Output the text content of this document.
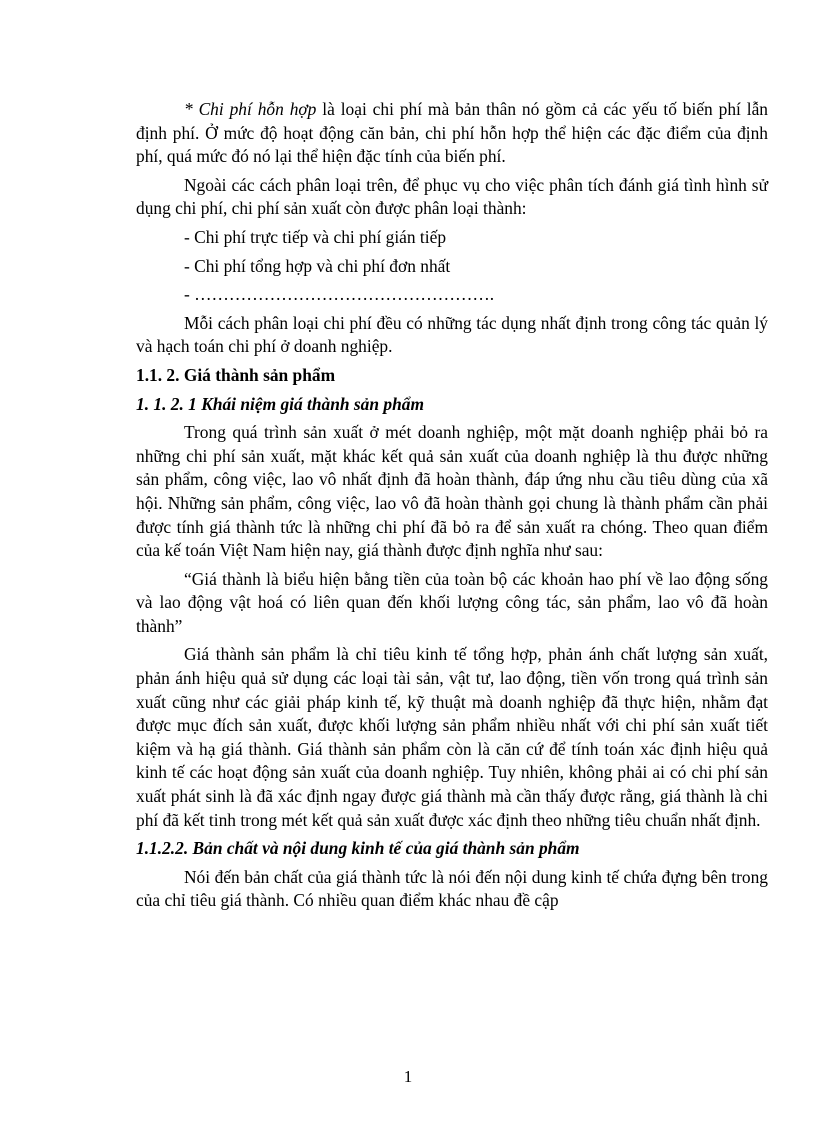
* Chi phí hỗn hợp là loại chi phí mà bản thân nó gồm cả các yếu tố biến phí lẫn định phí. Ở mức độ hoạt động căn bản, chi phí hỗn hợp thể hiện các đặc điểm của định phí, quá mức đó nó lại thể hiện đặc tính của biến phí.

Ngoài các cách phân loại trên, để phục vụ cho việc phân tích đánh giá tình hình sử dụng chi phí, chi phí sản xuất còn được phân loại thành:

- Chi phí trực tiếp và chi phí gián tiếp

- Chi phí tổng hợp và chi phí đơn nhất

- …………………………………………….

Mỗi cách phân loại chi phí đều có những tác dụng nhất định trong công tác quản lý và hạch toán chi phí ở doanh nghiệp.

1.1. 2. Giá thành sản phẩm

1. 1. 2. 1 Khái niệm giá thành sản phẩm

Trong quá trình sản xuất ở mét doanh nghiệp, một mặt doanh nghiệp phải bỏ ra những chi phí sản xuất, mặt khác kết quả sản xuất của doanh nghiệp là thu được những sản phẩm, công việc, lao vô nhất định đã hoàn thành, đáp ứng nhu cầu tiêu dùng của xã hội. Những sản phẩm, công việc, lao vô đã hoàn thành gọi chung là thành phẩm cần phải được tính giá thành tức là những chi phí đã bỏ ra để sản xuất ra chóng. Theo quan điểm của kế toán Việt Nam hiện nay, giá thành được định nghĩa như sau:

“Giá thành là biểu hiện bằng tiền của toàn bộ các khoản hao phí về lao động sống và lao động vật hoá có liên quan đến khối lượng công tác, sản phẩm, lao vô đã hoàn thành”

Giá thành sản phẩm là chỉ tiêu kinh tế tổng hợp, phản ánh chất lượng sản xuất, phản ánh hiệu quả sử dụng các loại tài sản, vật tư, lao động, tiền vốn trong quá trình sản xuất cũng như các giải pháp kinh tế, kỹ thuật mà doanh nghiệp đã thực hiện, nhằm đạt được mục đích sản xuất, được khối lượng sản phẩm nhiều nhất với chi phí sản xuất tiết kiệm và hạ giá thành. Giá thành sản phẩm còn là căn cứ để tính toán xác định hiệu quả kinh tế các hoạt động sản xuất của doanh nghiệp. Tuy nhiên, không phải ai có chi phí sản xuất phát sinh là đã xác định ngay được giá thành mà cần thấy được rằng, giá thành là chi phí đã kết tinh trong mét kết quả sản xuất được xác định theo những tiêu chuẩn nhất định.

1.1.2.2. Bản chất và nội dung kinh tế của giá thành sản phẩm

Nói đến bản chất của giá thành tức là nói đến nội dung kinh tế chứa đựng bên trong của chỉ tiêu giá thành. Có nhiều quan điểm khác nhau đề cập

1
